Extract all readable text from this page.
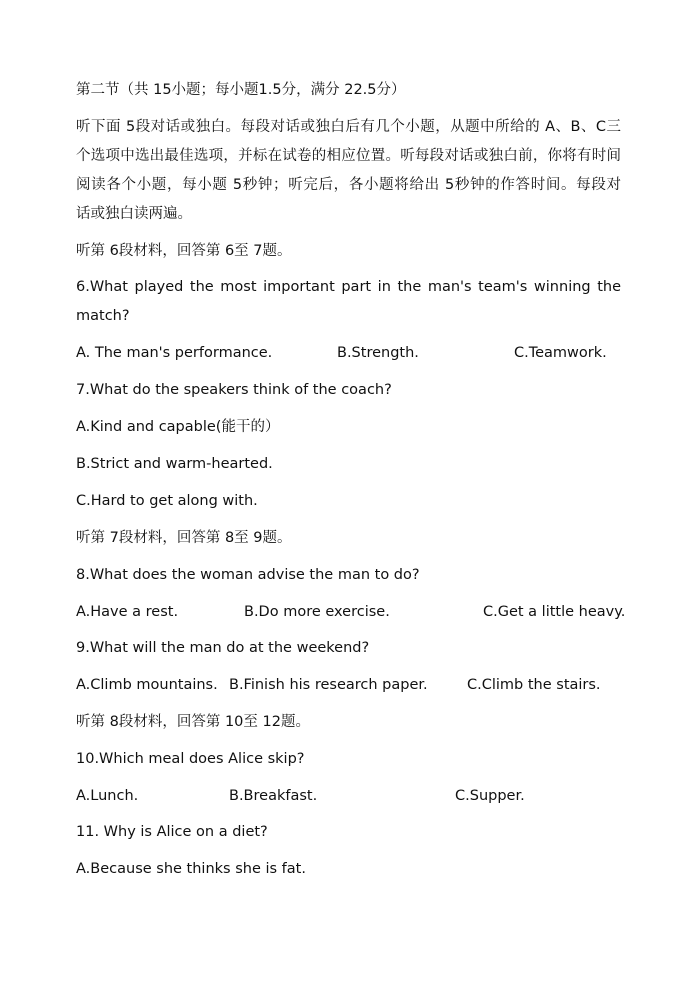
第二节（共 15小题；每小题1.5分，满分 22.5分）
听下面 5段对话或独白。每段对话或独白后有几个小题，从题中所给的 A、B、C三
个选项中选出最佳选项，并标在试卷的相应位置。听每段对话或独白前，你将有时间
阅读各个小题，每小题 5秒钟；听完后，各小题将给出 5秒钟的作答时间。每段对
话或独白读两遍。
听第 6段材料，回答第 6至 7题。
6.What played the most important part in the man's team's winning the
match?
A. The man's performance.	B.Strength.	C.Teamwork.
7.What do the speakers think of the coach?
A.Kind and capable(能干的）
B.Strict and warm-hearted.
C.Hard to get along with.
听第 7段材料，回答第 8至 9题。
8.What does the woman advise the man to do?
A.Have a rest.	B.Do more exercise.	C.Get a little heavy.
9.What will the man do at the weekend?
A.Climb mountains. B.Finish his research paper.	C.Climb the stairs.
听第 8段材料，回答第 10至 12题。
10.Which meal does Alice skip?
A.Lunch.	B.Breakfast.	C.Supper.
11. Why is Alice on a diet?
A.Because she thinks she is fat.
